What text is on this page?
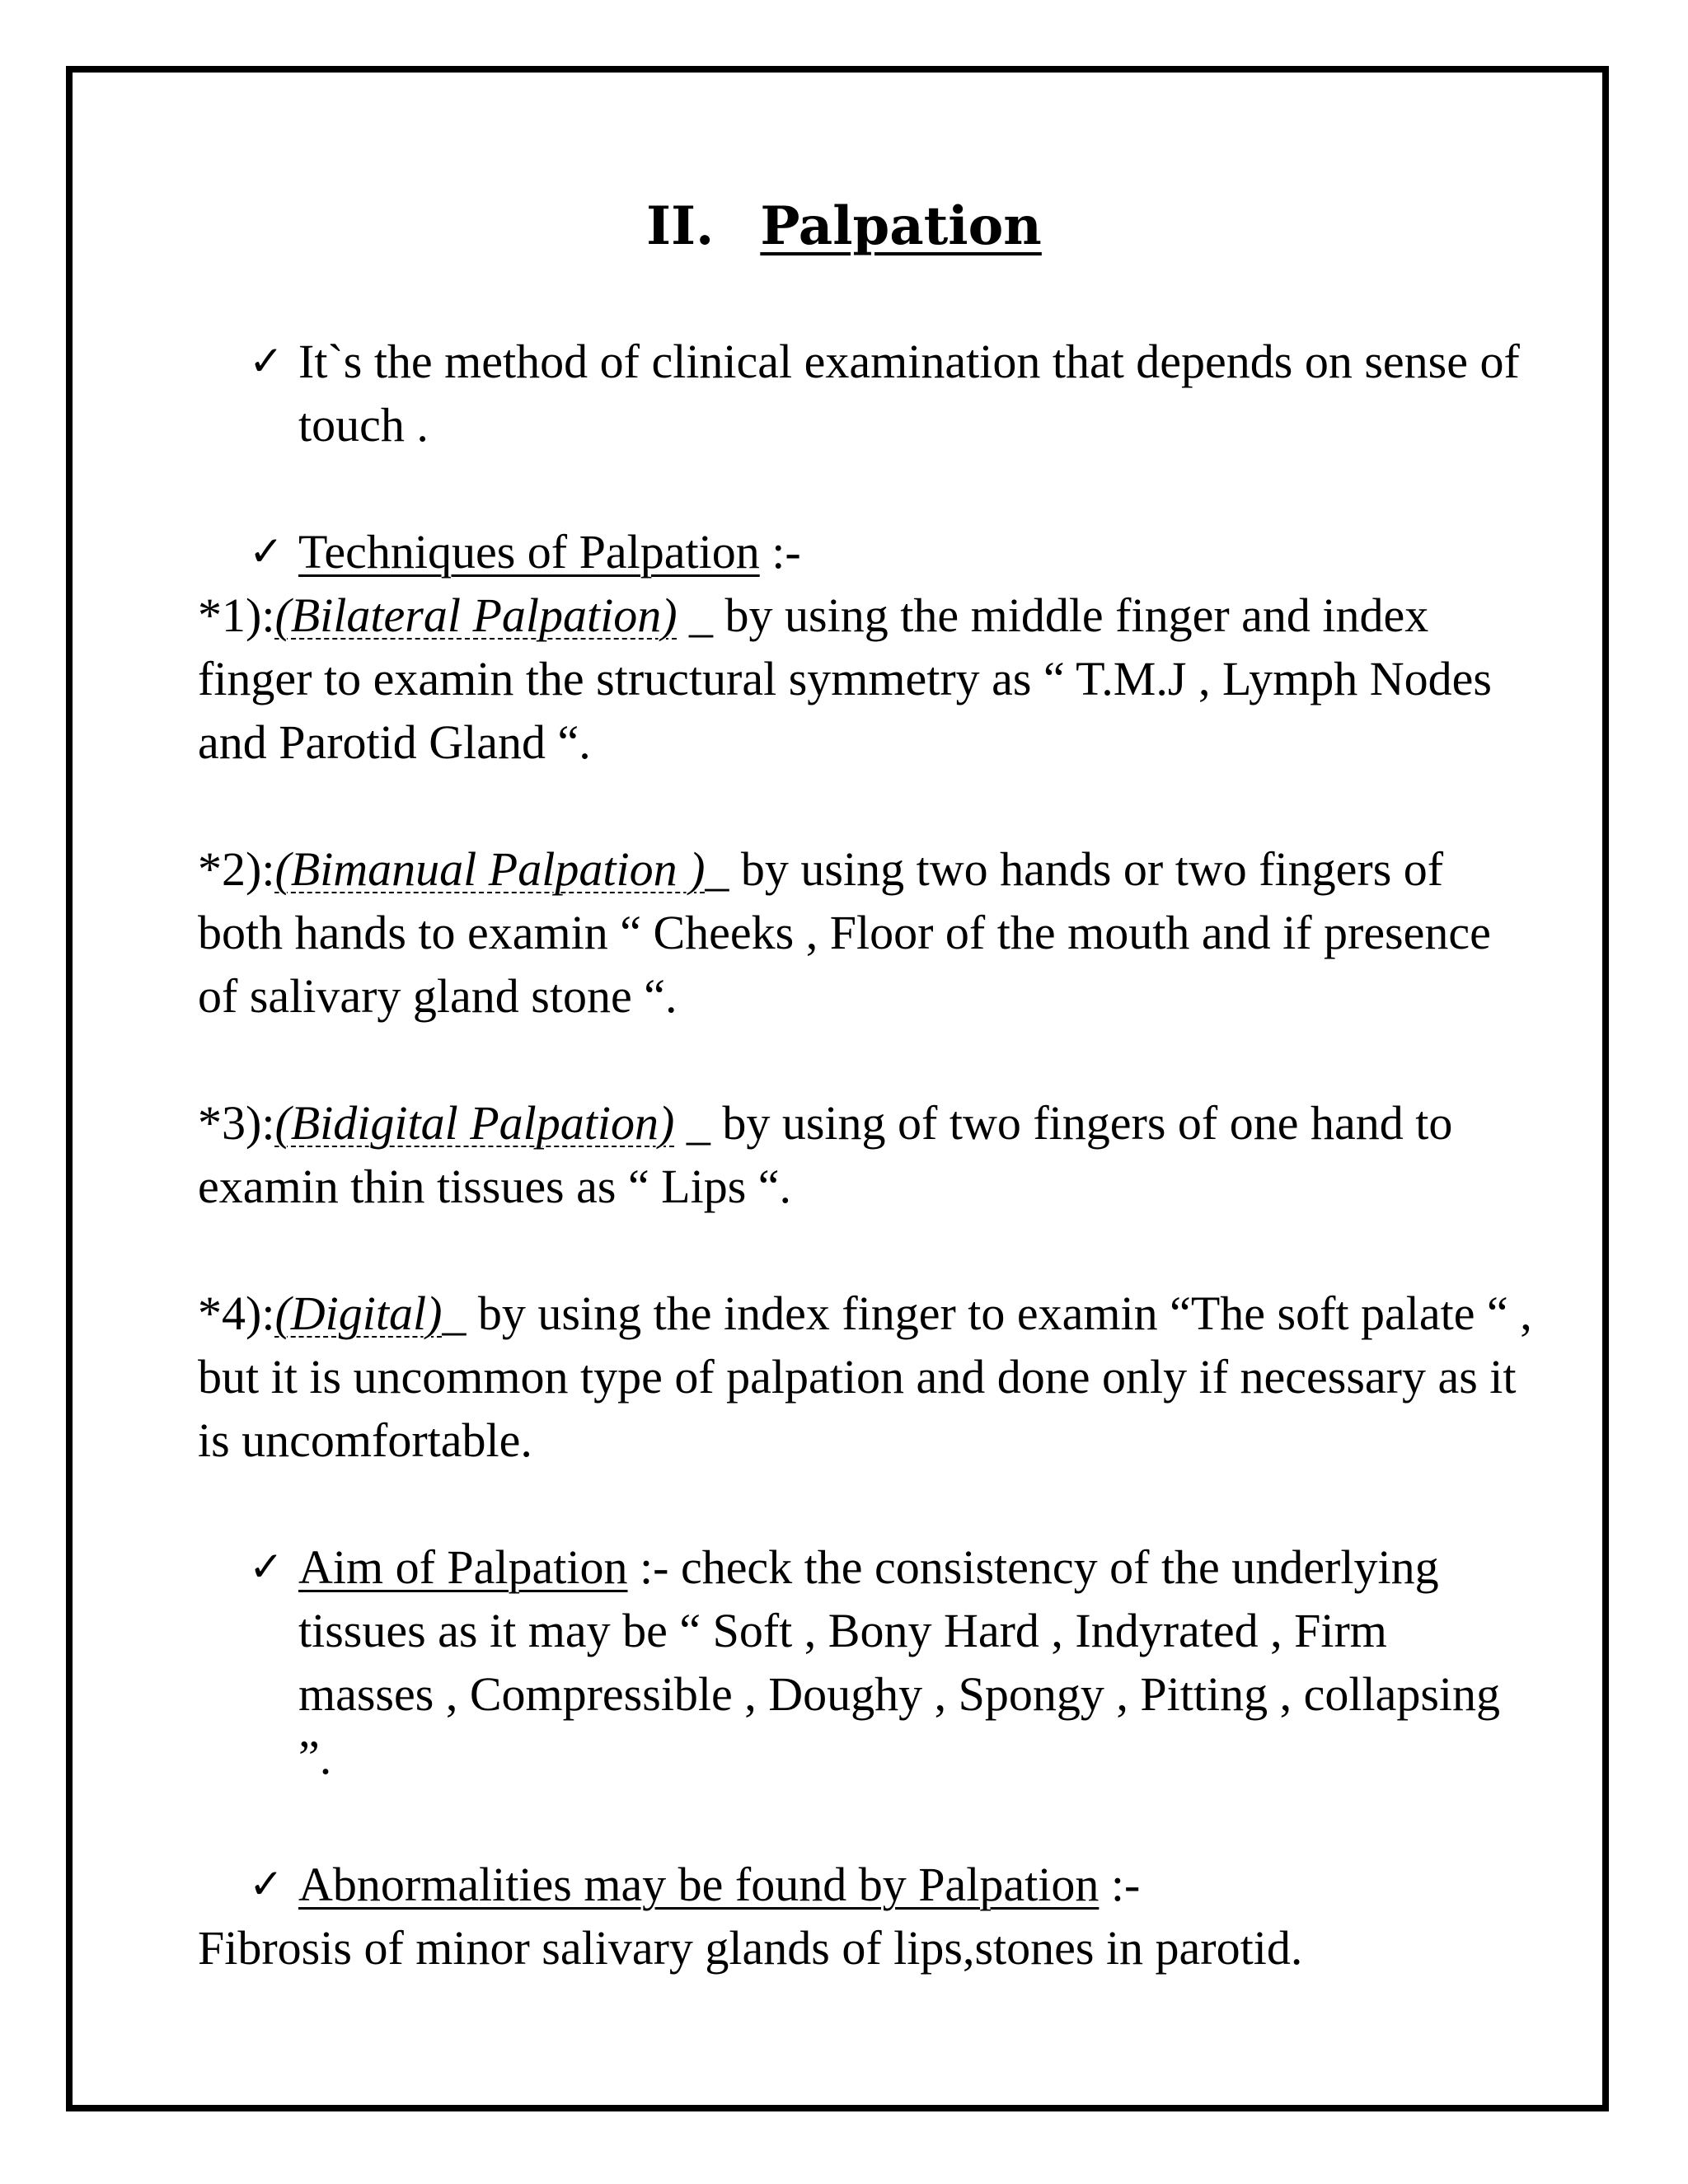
II. Palpation
✓ It`s the method of clinical examination that depends on sense of touch .
✓ Techniques of Palpation :-
*1):(Bilateral Palpation) _ by using the middle finger and index finger to examin the structural symmetry as “ T.M.J , Lymph Nodes and Parotid Gland “.
*2):(Bimanual Palpation )_ by using two hands or two fingers of both hands to examin “ Cheeks , Floor of the mouth and if presence of salivary gland stone “.
*3):(Bidigital Palpation) _ by using of two fingers of one hand to examin thin tissues as “ Lips “.
*4):(Digital)_ by using the index finger to examin “The soft palate “ , but it is uncommon type of palpation and done only if necessary as it is uncomfortable.
✓ Aim of Palpation :- check the consistency of the underlying tissues as it may be “ Soft , Bony Hard , Indyrated , Firm masses , Compressible , Doughy , Spongy , Pitting , collapsing ”.
✓ Abnormalities may be found by Palpation :-
Fibrosis of minor salivary glands of lips,stones in parotid.
